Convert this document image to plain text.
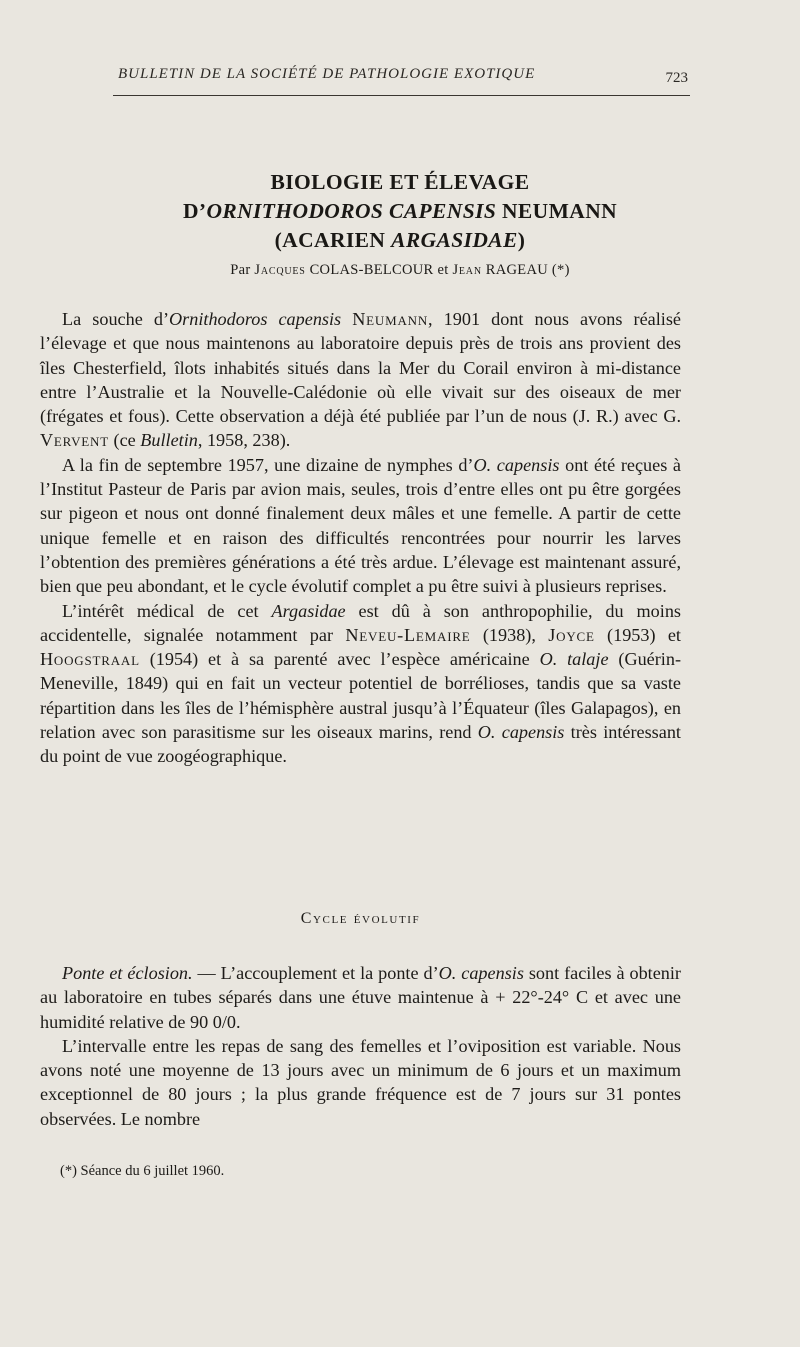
BULLETIN DE LA SOCIÉTÉ DE PATHOLOGIE EXOTIQUE	723
BIOLOGIE ET ÉLEVAGE
D’ORNITHODOROS CAPENSIS NEUMANN
(ACARIEN ARGASIDAE)
Par Jacques COLAS-BELCOUR et Jean RAGEAU (*)

La souche d’Ornithodoros capensis Neumann, 1901 dont nous avons réalisé l’élevage et que nous maintenons au laboratoire depuis près de trois ans provient des îles Chesterfield, îlots inhabités situés dans la Mer du Corail environ à mi-distance entre l’Australie et la Nouvelle-Calédonie où elle vivait sur des oiseaux de mer (frégates et fous). Cette observation a déjà été publiée par l’un de nous (J. R.) avec G. Vervent (ce Bulletin, 1958, 238).

A la fin de septembre 1957, une dizaine de nymphes d’O. capensis ont été reçues à l’Institut Pasteur de Paris par avion mais, seules, trois d’entre elles ont pu être gorgées sur pigeon et nous ont donné finalement deux mâles et une femelle. A partir de cette unique femelle et en raison des difficultés rencontrées pour nourrir les larves l’obtention des premières générations a été très ardue. L’élevage est maintenant assuré, bien que peu abondant, et le cycle évolutif complet a pu être suivi à plusieurs reprises.

L’intérêt médical de cet Argasidae est dû à son anthropophilie, du moins accidentelle, signalée notamment par Neveu-Lemaire (1938), Joyce (1953) et Hoogstraal (1954) et à sa parenté avec l’espèce américaine O. talaje (Guérin-Meneville, 1849) qui en fait un vecteur potentiel de borrélioses, tandis que sa vaste répartition dans les îles de l’hémisphère austral jusqu’à l’Équateur (îles Galapagos), en relation avec son parasitisme sur les oiseaux marins, rend O. capensis très intéressant du point de vue zoogéographique.

Cycle évolutif

Ponte et éclosion. — L’accouplement et la ponte d’O. capensis sont faciles à obtenir au laboratoire en tubes séparés dans une étuve maintenue à + 22°-24° C et avec une humidité relative de 90 0/0.

L’intervalle entre les repas de sang des femelles et l’oviposition est variable. Nous avons noté une moyenne de 13 jours avec un minimum de 6 jours et un maximum exceptionnel de 80 jours ; la plus grande fréquence est de 7 jours sur 31 pontes observées. Le nombre

(*) Séance du 6 juillet 1960.
